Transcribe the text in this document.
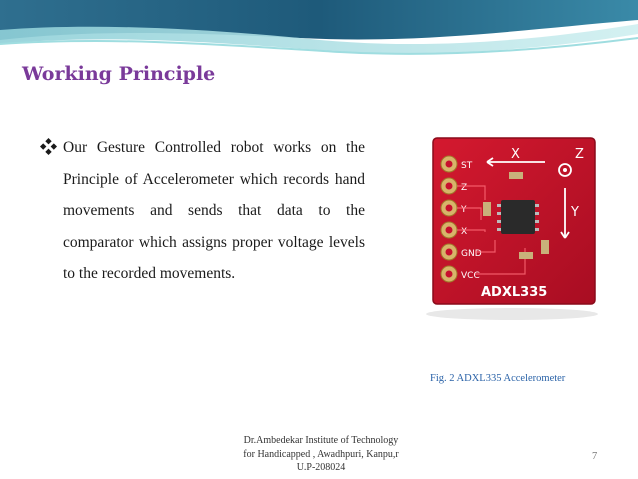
Working Principle

Our Gesture Controlled robot works on the Principle of Accelerometer which records hand movements and sends that data to the comparator which assigns proper voltage levels to the recorded movements.

ST
Z
Y
X
GND
VCC
X
Y
Z
ADXL335
Fig. 2 ADXL335 Accelerometer
Dr.Ambedekar Institute of Technology
for Handicapped , Awadhpuri, Kanpu,r
U.P-208024
7
